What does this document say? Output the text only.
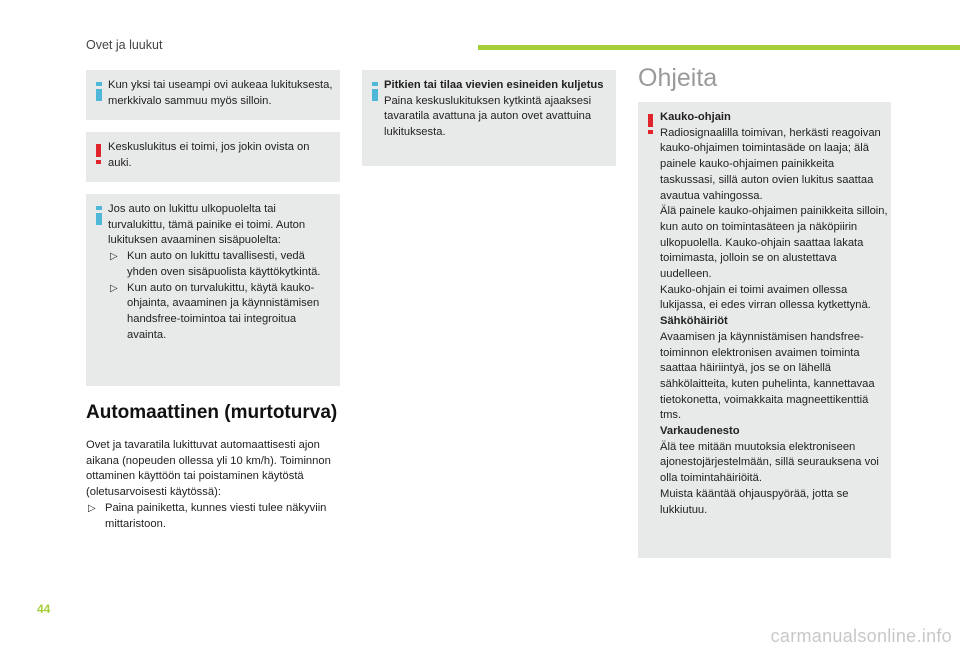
Ovet ja luukut
Kun yksi tai useampi ovi aukeaa lukituksesta, merkkivalo sammuu myös silloin.
Keskuslukitus ei toimi, jos jokin ovista on auki.
Jos auto on lukittu ulkopuolelta tai turvalukittu, tämä painike ei toimi. Auton lukituksen avaaminen sisäpuolelta:
▷ Kun auto on lukittu tavallisesti, vedä yhden oven sisäpuolista käyttökytkintä.
▷ Kun auto on turvalukittu, käytä kauko-ohjainta, avaaminen ja käynnistämisen handsfree-toimintoa tai integroitua avainta.
Automaattinen (murtoturva)
Ovet ja tavaratila lukittuvat automaattisesti ajon aikana (nopeuden ollessa yli 10 km/h). Toiminnon ottaminen käyttöön tai poistaminen käytöstä (oletusarvoisesti käytössä):
▷ Paina painiketta, kunnes viesti tulee näkyviin mittaristoon.
Pitkien tai tilaa vievien esineiden kuljetus
Paina keskuslukituksen kytkintä ajaaksesi tavaratila avattuna ja auton ovet avattuina lukituksesta.
Ohjeita
Kauko-ohjain
Radiosignaalilla toimivan, herkästi reagoivan kauko-ohjaimen toimintasäde on laaja; älä painele kauko-ohjaimen painikkeita taskussasi, sillä auton ovien lukitus saattaa avautua vahingossa.
Älä painele kauko-ohjaimen painikkeita silloin, kun auto on toimintasäteen ja näköpiirin ulkopuolella. Kauko-ohjain saattaa lakata toimimasta, jolloin se on alustettava uudelleen.
Kauko-ohjain ei toimi avaimen ollessa lukijassa, ei edes virran ollessa kytkettynä.
Sähköhäiriöt
Avaamisen ja käynnistämisen handsfree-toiminnon elektronisen avaimen toiminta saattaa häiriintyä, jos se on lähellä sähkölaitteita, kuten puhelinta, kannettavaa tietokonetta, voimakkaita magneettikenttiä tms.
Varkaudenesto
Älä tee mitään muutoksia elektroniseen ajonestojärjestelmään, sillä seurauksena voi olla toimintahäiriöitä.
Muista kääntää ohjauspyörää, jotta se lukkiutuu.
44
carmanualsonline.info
